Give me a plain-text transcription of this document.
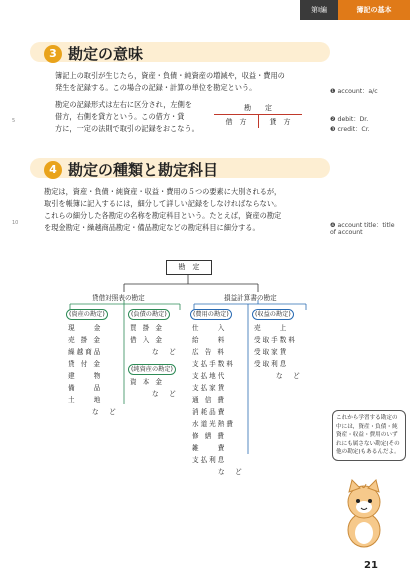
第Ⅰ編	簿記の基本
3 勘定の意味
簿記上の取引が生じたら，資産・負債・純資産の増減や，収益・費用の
発生を記録する。この場合の記録・計算の単位を勘定という。
勘定の記録形式は左右に区分され，左側を
借方，右側を貸方という。この借方・貸
方に，一定の法則で取引の記録をおこなう。
勘　　定
借　方	貸　方
❶ account：a/c
❷ debit：Dr.
❸ credit：Cr.
5
4 勘定の種類と勘定科目
勘定は，資産・負債・純資産・収益・費用の５つの要素に大別されるが，
取引を帳簿に記入するには，細分して詳しい記録をしなければならない。
これらの細分した各勘定の名称を勘定科目という。たとえば，資産の勘定
を現金勘定・繰越商品勘定・備品勘定などの勘定科目に細分する。
10	❹ account title：title
of account
勘　定
貸借対照表の勘定	損益計算書の勘定
(資産の勘定)
現　　金
売 掛 金
繰越商品
貸 付 金
建　　物
備　　品
土　　地
な　ど
(負債の勘定)
買 掛 金
借 入 金
な　ど
(純資産の勘定)
資 本 金
な　ど
(費用の勘定)
仕　　入
給　　料
広 告 料
支払手数料
支払地代
支払家賃
通 信 費
消耗品費
水道光熱費
修 繕 費
雑　　費
支払利息
な　ど
(収益の勘定)
売　　上
受取手数料
受取家賃
受取利息
な　ど
これから学習する勘定の中には，資産・負債・純資産・収益・費用のいずれにも属さない勘定(その他の勘定)もあるんだよ。
21
